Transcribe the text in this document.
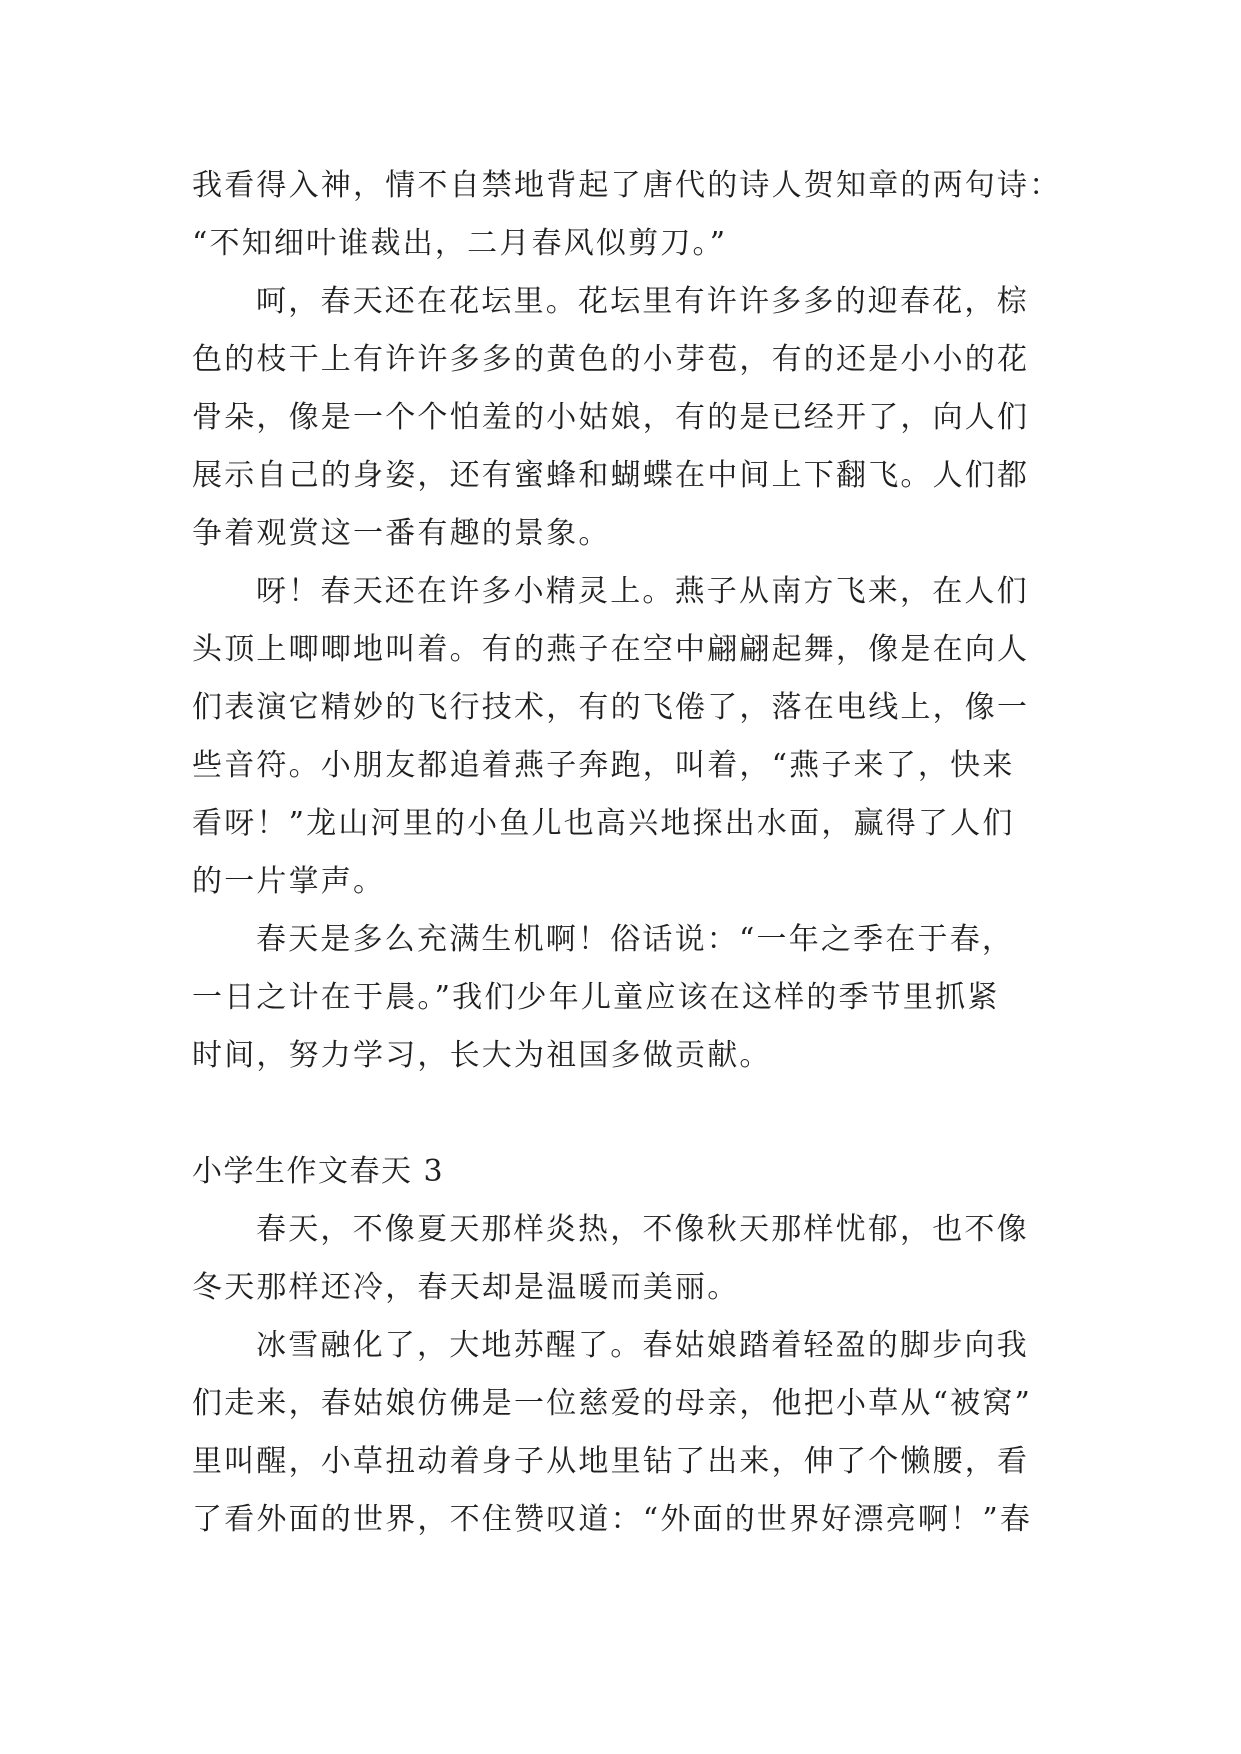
我看得入神，情不自禁地背起了唐代的诗人贺知章的两句诗：
“不知细叶谁裁出，二月春风似剪刀。”
呵，春天还在花坛里。花坛里有许许多多的迎春花，棕
色的枝干上有许许多多的黄色的小芽苞，有的还是小小的花
骨朵，像是一个个怕羞的小姑娘，有的是已经开了，向人们
展示自己的身姿，还有蜜蜂和蝴蝶在中间上下翻飞。人们都
争着观赏这一番有趣的景象。
呀！春天还在许多小精灵上。燕子从南方飞来，在人们
头顶上唧唧地叫着。有的燕子在空中翩翩起舞，像是在向人
们表演它精妙的飞行技术，有的飞倦了，落在电线上，像一
些音符。小朋友都追着燕子奔跑，叫着，“燕子来了，快来
看呀！”龙山河里的小鱼儿也高兴地探出水面，赢得了人们
的一片掌声。
春天是多么充满生机啊！俗话说：“一年之季在于春，
一日之计在于晨。”我们少年儿童应该在这样的季节里抓紧
时间，努力学习，长大为祖国多做贡献。
小学生作文春天 3
春天，不像夏天那样炎热，不像秋天那样忧郁，也不像
冬天那样还冷，春天却是温暖而美丽。
冰雪融化了，大地苏醒了。春姑娘踏着轻盈的脚步向我
们走来，春姑娘仿佛是一位慈爱的母亲，他把小草从“被窝”
里叫醒，小草扭动着身子从地里钻了出来，伸了个懒腰，看
了看外面的世界，不住赞叹道：“外面的世界好漂亮啊！”春
